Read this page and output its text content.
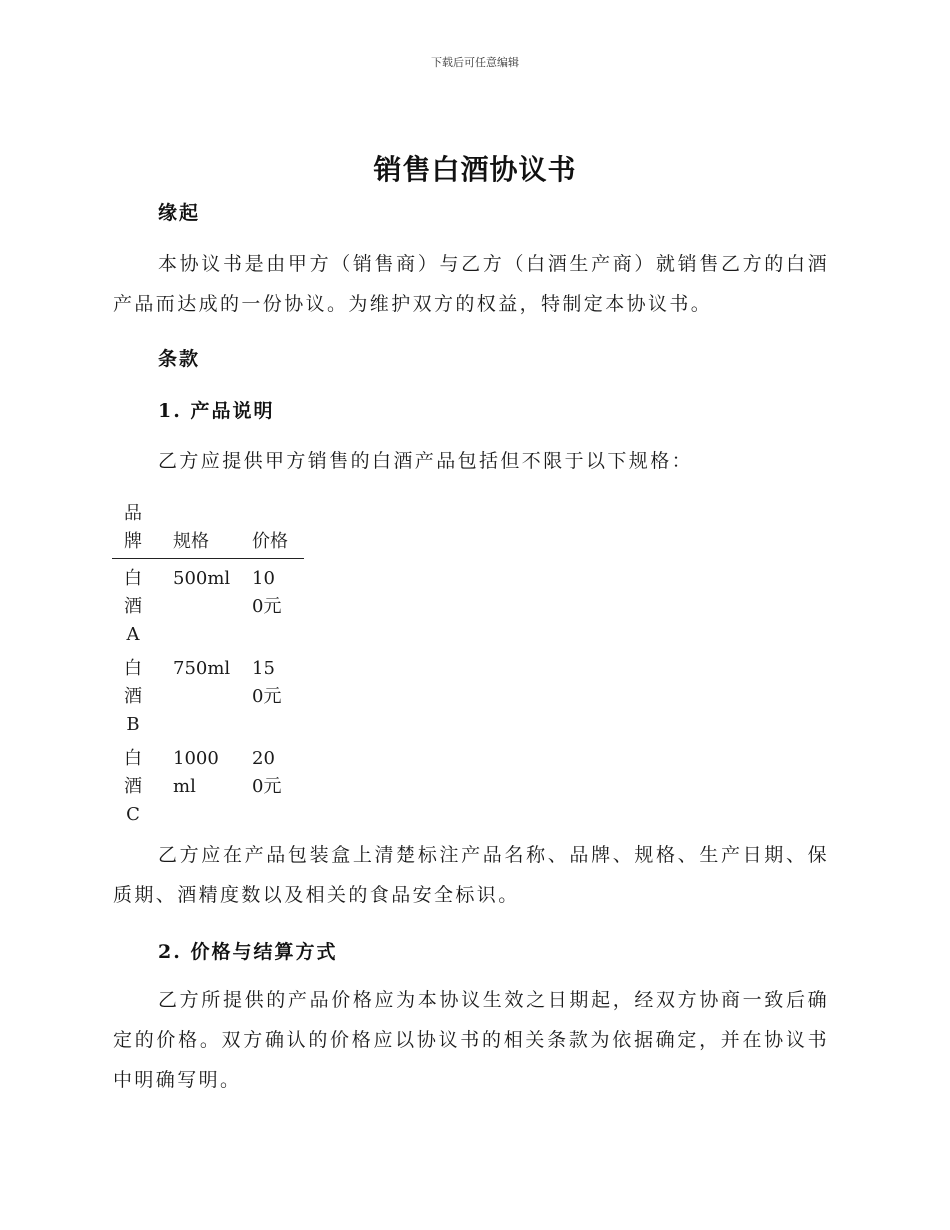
下载后可任意编辑
销售白酒协议书
缘起

本协议书是由甲方（销售商）与乙方（白酒生产商）就销售乙方的白酒产品而达成的一份协议。为维护双方的权益，特制定本协议书。

条款
1. 产品说明

乙方应提供甲方销售的白酒产品包括但不限于以下规格：

品牌	规格	价格

白酒A	500ml	100元

白酒B	750ml	150元

白酒C	1000ml	200元

乙方应在产品包装盒上清楚标注产品名称、品牌、规格、生产日期、保质期、酒精度数以及相关的食品安全标识。

2. 价格与结算方式

乙方所提供的产品价格应为本协议生效之日期起，经双方协商一致后确定的价格。双方确认的价格应以协议书的相关条款为依据确定，并在协议书中明确写明。
